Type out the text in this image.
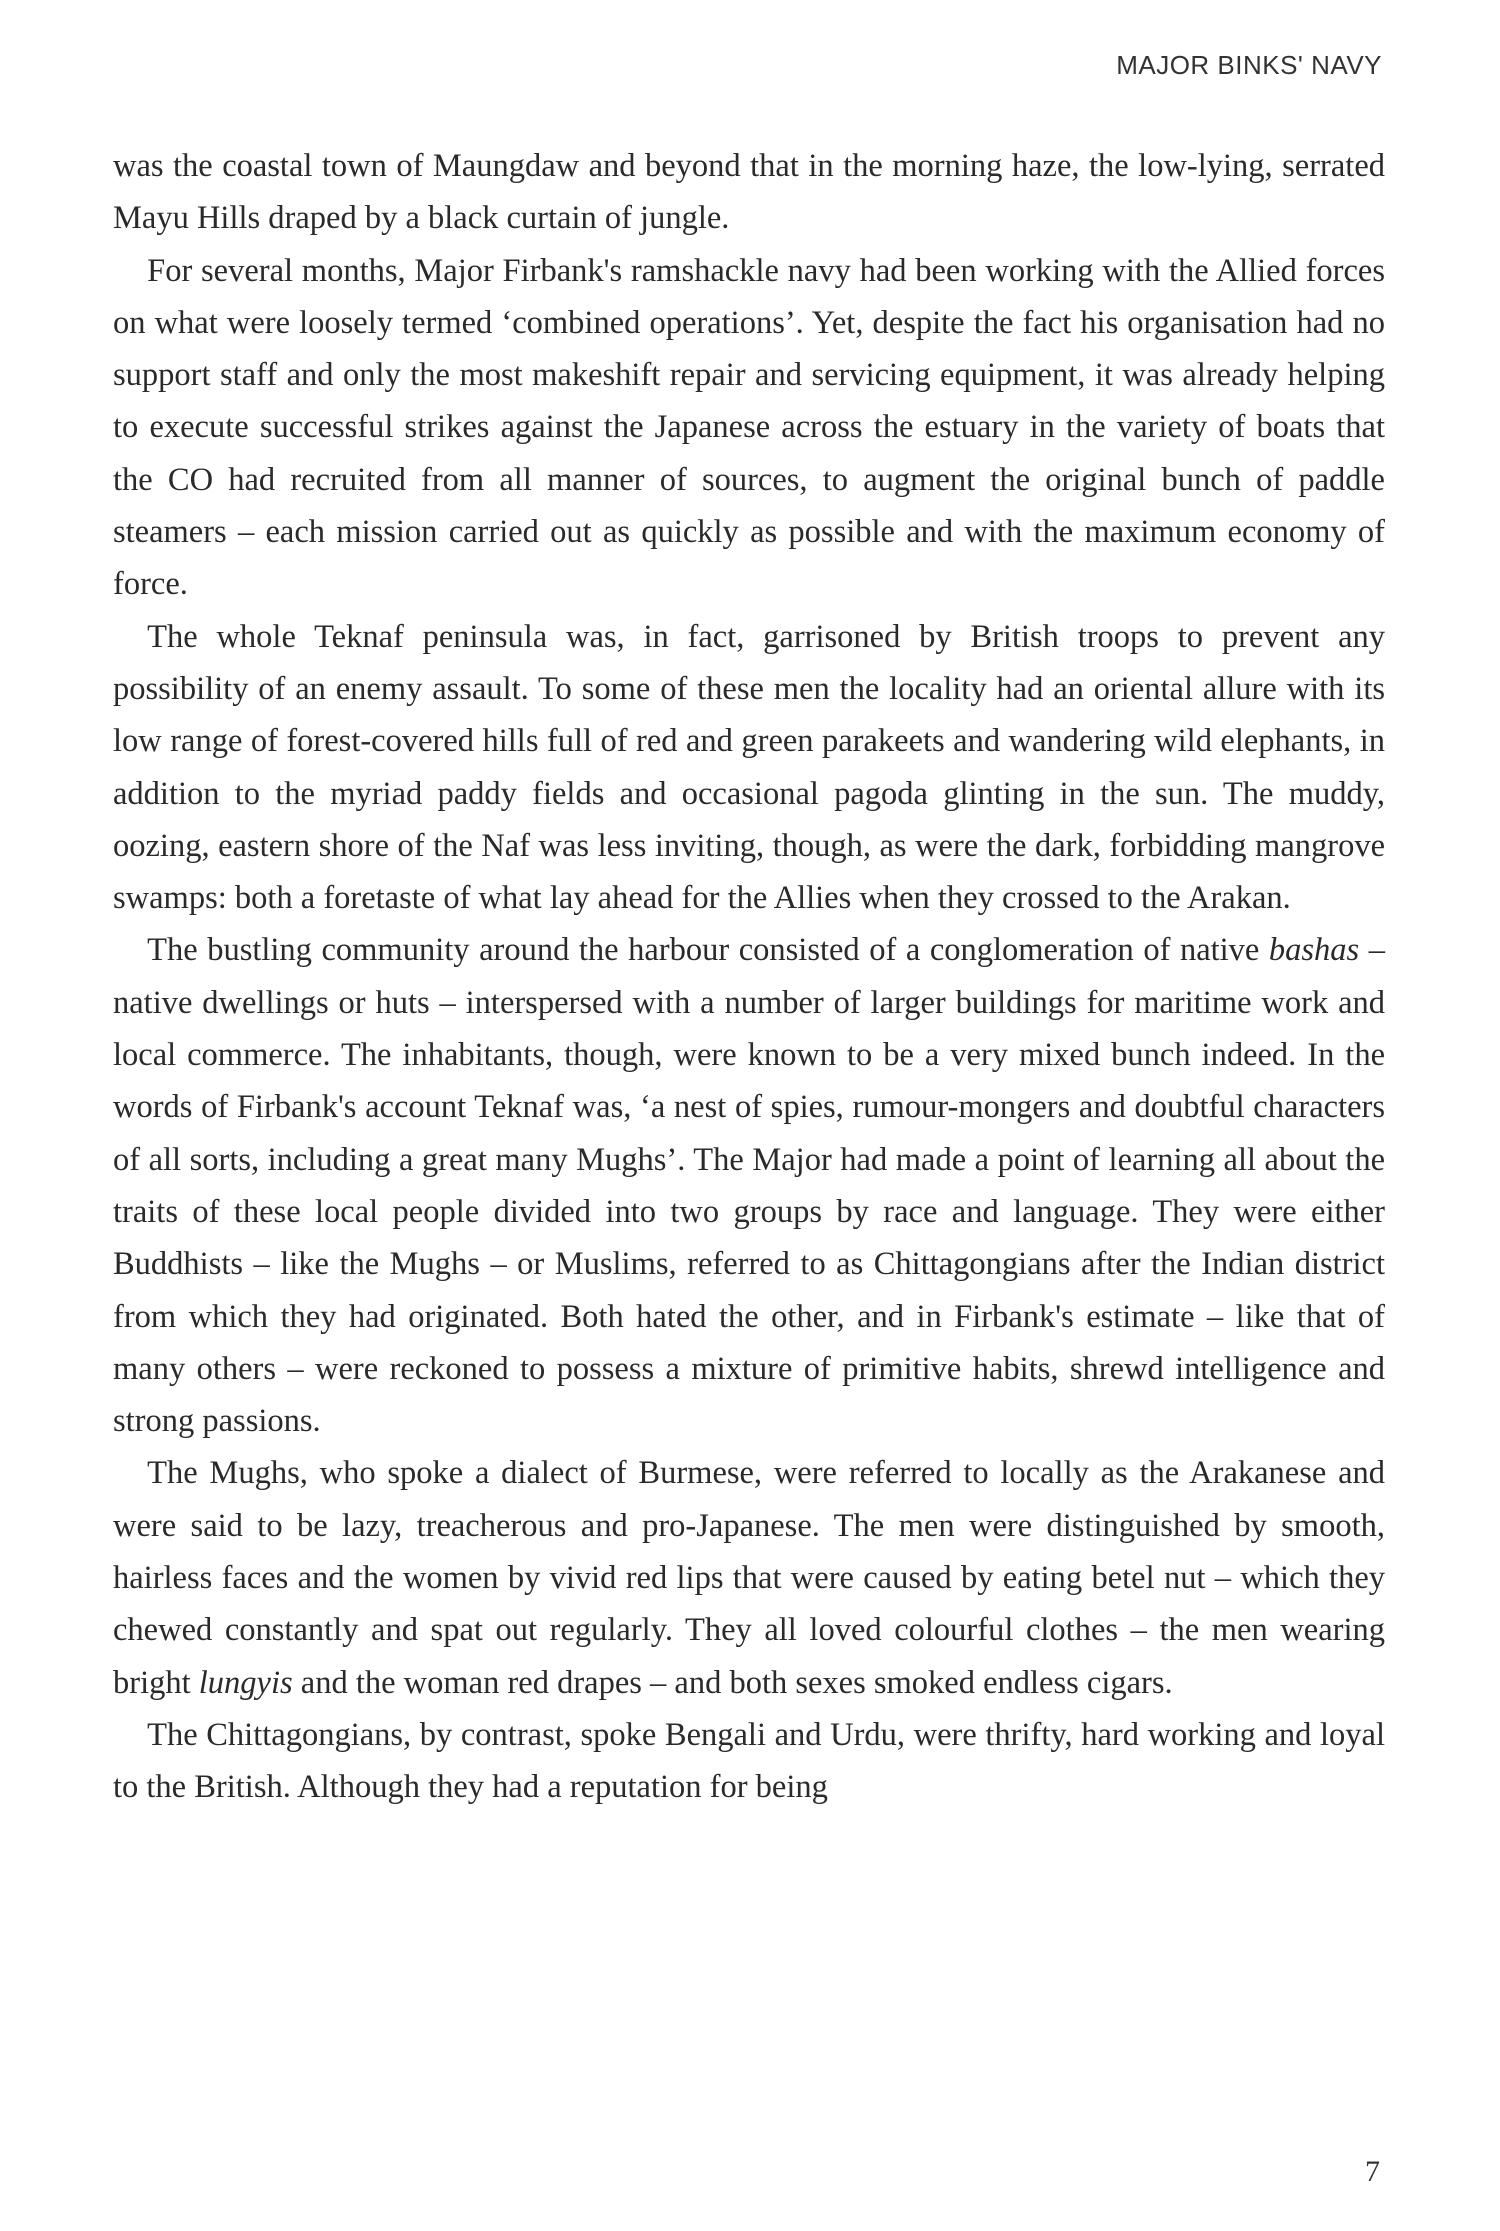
MAJOR BINKS' NAVY

was the coastal town of Maungdaw and beyond that in the morning haze, the low-lying, serrated Mayu Hills draped by a black curtain of jungle.

For several months, Major Firbank's ramshackle navy had been working with the Allied forces on what were loosely termed ‘combined operations’. Yet, despite the fact his organisation had no support staff and only the most makeshift repair and servicing equipment, it was already helping to execute successful strikes against the Japanese across the estuary in the variety of boats that the CO had recruited from all manner of sources, to augment the original bunch of paddle steamers – each mission carried out as quickly as possible and with the maximum economy of force.

The whole Teknaf peninsula was, in fact, garrisoned by British troops to prevent any possibility of an enemy assault. To some of these men the locality had an oriental allure with its low range of forest-covered hills full of red and green parakeets and wandering wild elephants, in addition to the myriad paddy fields and occasional pagoda glinting in the sun. The muddy, oozing, eastern shore of the Naf was less inviting, though, as were the dark, forbidding mangrove swamps: both a foretaste of what lay ahead for the Allies when they crossed to the Arakan.

The bustling community around the harbour consisted of a conglomeration of native bashas – native dwellings or huts – interspersed with a number of larger buildings for maritime work and local commerce. The inhabitants, though, were known to be a very mixed bunch indeed. In the words of Firbank's account Teknaf was, ‘a nest of spies, rumour-mongers and doubtful characters of all sorts, including a great many Mughs’. The Major had made a point of learning all about the traits of these local people divided into two groups by race and language. They were either Buddhists – like the Mughs – or Muslims, referred to as Chittagongians after the Indian district from which they had originated. Both hated the other, and in Firbank's estimate – like that of many others – were reckoned to possess a mixture of primitive habits, shrewd intelligence and strong passions.

The Mughs, who spoke a dialect of Burmese, were referred to locally as the Arakanese and were said to be lazy, treacherous and pro-Japanese. The men were distinguished by smooth, hairless faces and the women by vivid red lips that were caused by eating betel nut – which they chewed constantly and spat out regularly. They all loved colourful clothes – the men wearing bright lungyis and the woman red drapes – and both sexes smoked endless cigars.

The Chittagongians, by contrast, spoke Bengali and Urdu, were thrifty, hard working and loyal to the British. Although they had a reputation for being

7
